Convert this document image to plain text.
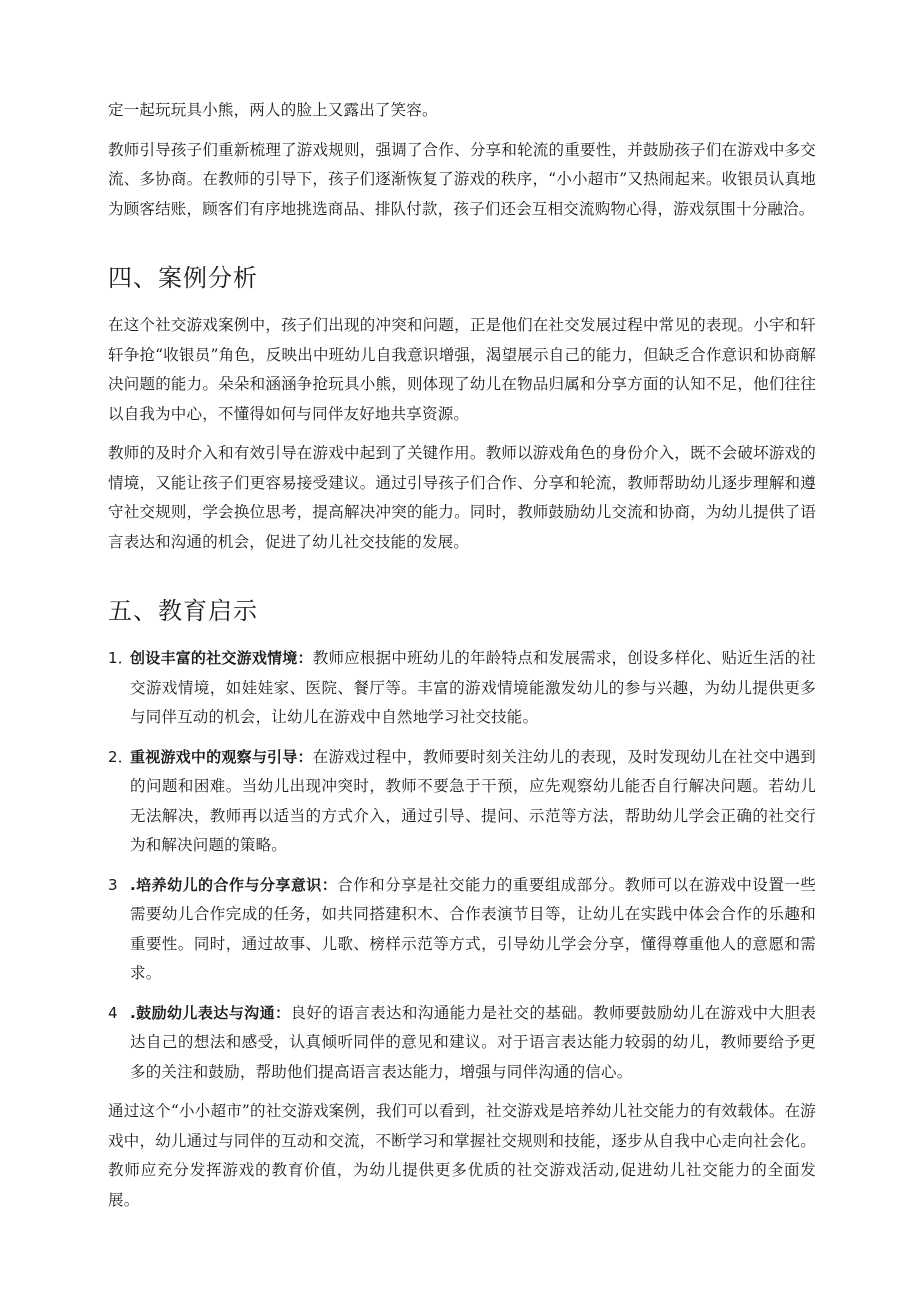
定一起玩玩具小熊，两人的脸上又露出了笑容。

教师引导孩子们重新梳理了游戏规则，强调了合作、分享和轮流的重要性，并鼓励孩子们在游戏中多交流、多协商。在教师的引导下，孩子们逐渐恢复了游戏的秩序，“小小超市”又热闹起来。收银员认真地为顾客结账，顾客们有序地挑选商品、排队付款，孩子们还会互相交流购物心得，游戏氛围十分融洽。

四、案例分析

在这个社交游戏案例中，孩子们出现的冲突和问题，正是他们在社交发展过程中常见的表现。小宇和轩轩争抢“收银员”角色，反映出中班幼儿自我意识增强，渴望展示自己的能力，但缺乏合作意识和协商解决问题的能力。朵朵和涵涵争抢玩具小熊，则体现了幼儿在物品归属和分享方面的认知不足，他们往往以自我为中心，不懂得如何与同伴友好地共享资源。

教师的及时介入和有效引导在游戏中起到了关键作用。教师以游戏角色的身份介入，既不会破坏游戏的情境，又能让孩子们更容易接受建议。通过引导孩子们合作、分享和轮流，教师帮助幼儿逐步理解和遵守社交规则，学会换位思考，提高解决冲突的能力。同时，教师鼓励幼儿交流和协商，为幼儿提供了语言表达和沟通的机会，促进了幼儿社交技能的发展。

五、教育启示
1．
创设丰富的社交游戏情境：教师应根据中班幼儿的年龄特点和发展需求，创设多样化、贴近生活的社交游戏情境，如娃娃家、医院、餐厅等。丰富的游戏情境能激发幼儿的参与兴趣，为幼儿提供更多与同伴互动的机会，让幼儿在游戏中自然地学习社交技能。
2．
重视游戏中的观察与引导：在游戏过程中，教师要时刻关注幼儿的表现，及时发现幼儿在社交中遇到的问题和困难。当幼儿出现冲突时，教师不要急于干预，应先观察幼儿能否自行解决问题。若幼儿无法解决，教师再以适当的方式介入，通过引导、提问、示范等方法，帮助幼儿学会正确的社交行为和解决问题的策略。
3 .培养幼儿的合作与分享意识：合作和分享是社交能力的重要组成部分。教师可以在游戏中设置一些需要幼儿合作完成的任务，如共同搭建积木、合作表演节目等，让幼儿在实践中体会合作的乐趣和重要性。同时，通过故事、儿歌、榜样示范等方式，引导幼儿学会分享，懂得尊重他人的意愿和需求。
4 .鼓励幼儿表达与沟通：良好的语言表达和沟通能力是社交的基础。教师要鼓励幼儿在游戏中大胆表达自己的想法和感受，认真倾听同伴的意见和建议。对于语言表达能力较弱的幼儿，教师要给予更多的关注和鼓励，帮助他们提高语言表达能力，增强与同伴沟通的信心。

通过这个“小小超市”的社交游戏案例，我们可以看到，社交游戏是培养幼儿社交能力的有效载体。在游戏中，幼儿通过与同伴的互动和交流，不断学习和掌握社交规则和技能，逐步从自我中心走向社会化。教师应充分发挥游戏的教育价值，为幼儿提供更多优质的社交游戏活动,促进幼儿社交能力的全面发展。
